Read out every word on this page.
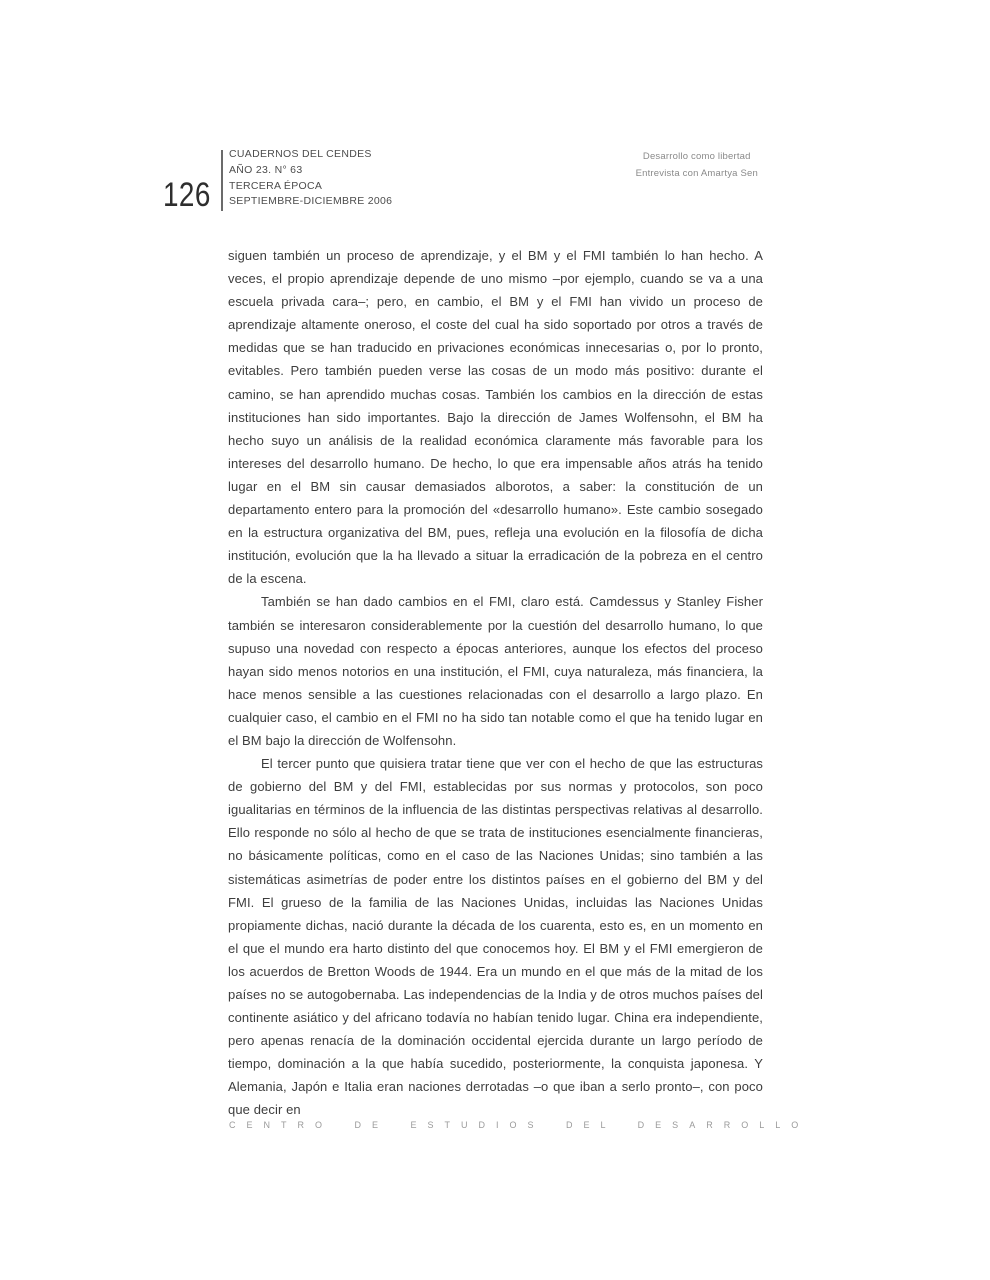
126
CUADERNOS DEL CENDES
AÑO 23. N° 63
TERCERA ÉPOCA
SEPTIEMBRE-DICIEMBRE 2006
Desarrollo como libertad
Entrevista con Amartya Sen

siguen también un proceso de aprendizaje, y el BM y el FMI también lo han hecho. A veces, el propio aprendizaje depende de uno mismo –por ejemplo, cuando se va a una escuela privada cara–; pero, en cambio, el BM y el FMI han vivido un proceso de aprendizaje altamente oneroso, el coste del cual ha sido soportado por otros a través de medidas que se han traducido en privaciones económicas innecesarias o, por lo pronto, evitables. Pero también pueden verse las cosas de un modo más positivo: durante el camino, se han aprendido muchas cosas. También los cambios en la dirección de estas instituciones han sido importantes. Bajo la dirección de James Wolfensohn, el BM ha hecho suyo un análisis de la realidad económica claramente más favorable para los intereses del desarrollo humano. De hecho, lo que era impensable años atrás ha tenido lugar en el BM sin causar demasiados alborotos, a saber: la constitución de un departamento entero para la promoción del «desarrollo humano». Este cambio sosegado en la estructura organizativa del BM, pues, refleja una evolución en la filosofía de dicha institución, evolución que la ha llevado a situar la erradicación de la pobreza en el centro de la escena.

También se han dado cambios en el FMI, claro está. Camdessus y Stanley Fisher también se interesaron considerablemente por la cuestión del desarrollo humano, lo que supuso una novedad con respecto a épocas anteriores, aunque los efectos del proceso hayan sido menos notorios en una institución, el FMI, cuya naturaleza, más financiera, la hace menos sensible a las cuestiones relacionadas con el desarrollo a largo plazo. En cualquier caso, el cambio en el FMI no ha sido tan notable como el que ha tenido lugar en el BM bajo la dirección de Wolfensohn.

El tercer punto que quisiera tratar tiene que ver con el hecho de que las estructuras de gobierno del BM y del FMI, establecidas por sus normas y protocolos, son poco igualitarias en términos de la influencia de las distintas perspectivas relativas al desarrollo. Ello responde no sólo al hecho de que se trata de instituciones esencialmente financieras, no básicamente políticas, como en el caso de las Naciones Unidas; sino también a las sistemáticas asimetrías de poder entre los distintos países en el gobierno del BM y del FMI. El grueso de la familia de las Naciones Unidas, incluidas las Naciones Unidas propiamente dichas, nació durante la década de los cuarenta, esto es, en un momento en el que el mundo era harto distinto del que conocemos hoy. El BM y el FMI emergieron de los acuerdos de Bretton Woods de 1944. Era un mundo en el que más de la mitad de los países no se autogobernaba. Las independencias de la India y de otros muchos países del continente asiático y del africano todavía no habían tenido lugar. China era independiente, pero apenas renacía de la dominación occidental ejercida durante un largo período de tiempo, dominación a la que había sucedido, posteriormente, la conquista japonesa. Y Alemania, Japón e Italia eran naciones derrotadas –o que iban a serlo pronto–, con poco que decir en

CENTRO DE ESTUDIOS DEL DESARROLLO
